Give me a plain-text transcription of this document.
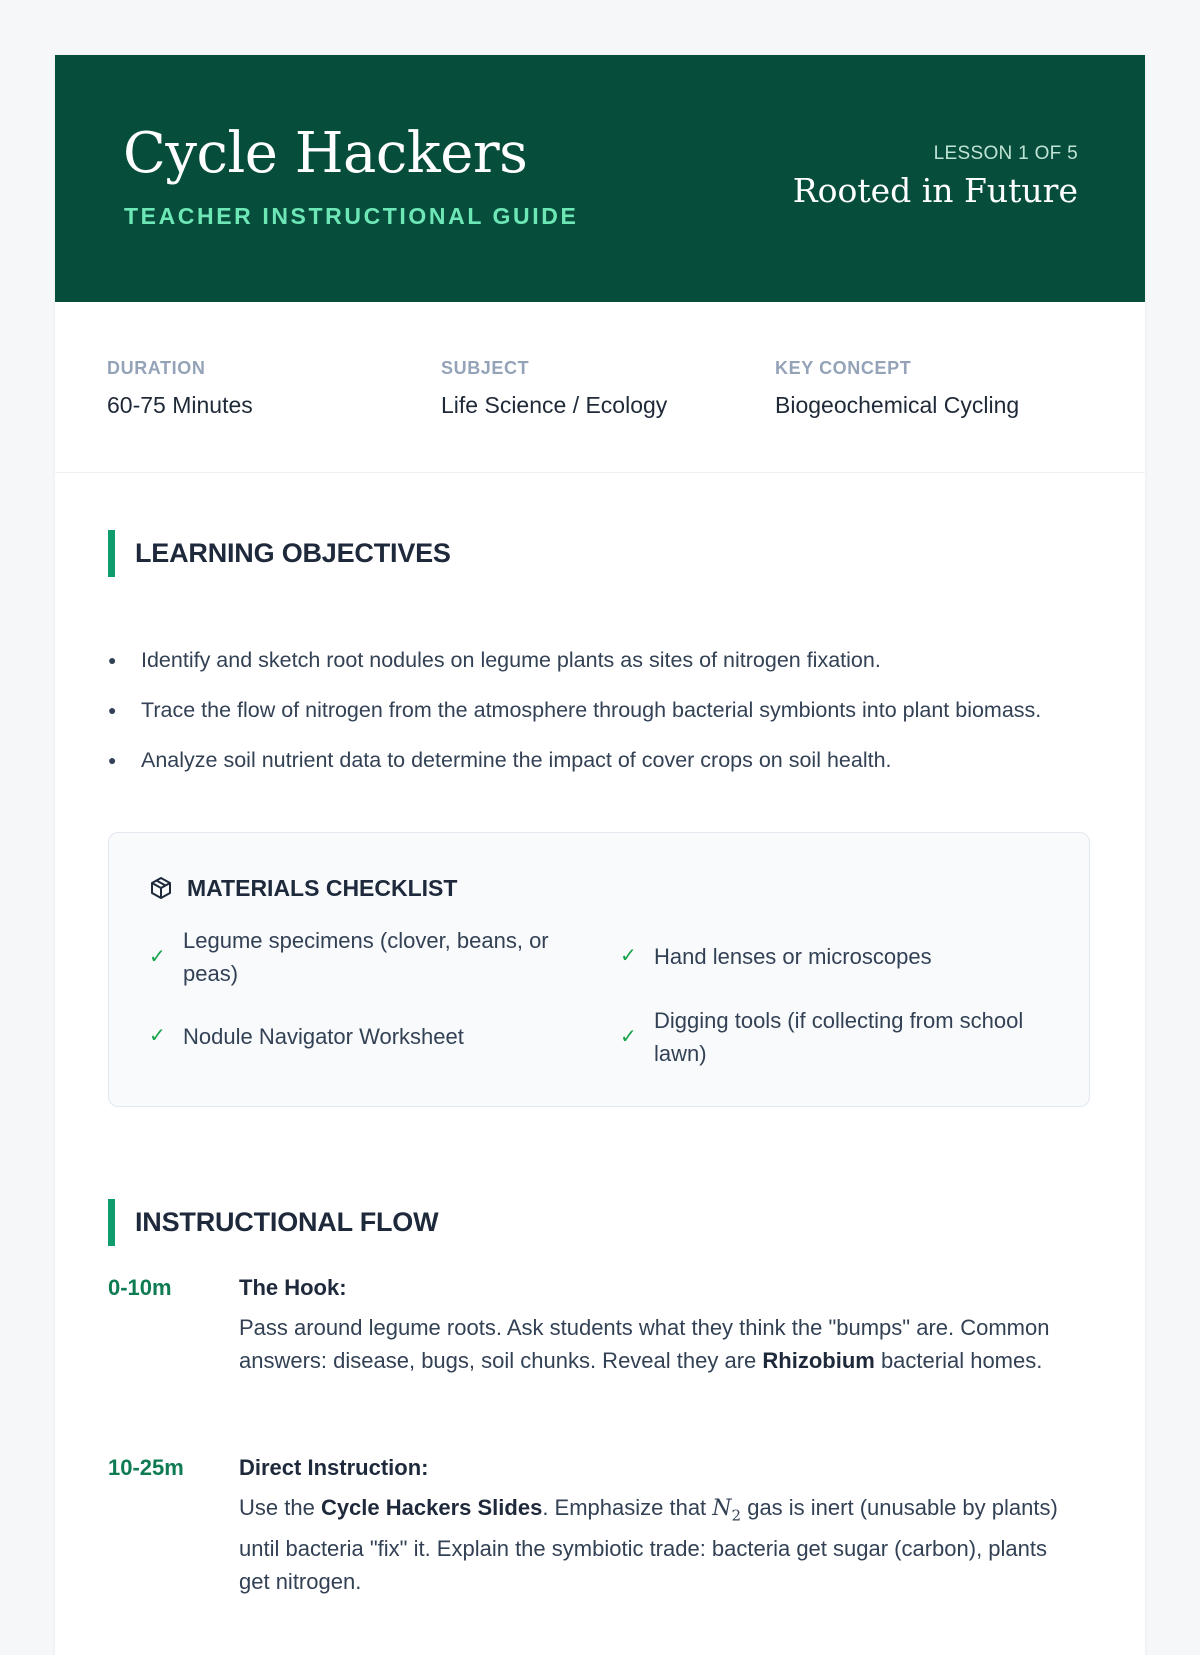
Cycle Hackers
TEACHER INSTRUCTIONAL GUIDE
LESSON 1 OF 5
Rooted in Future
DURATION
60-75 Minutes
SUBJECT
Life Science / Ecology
KEY CONCEPT
Biogeochemical Cycling
LEARNING OBJECTIVES
● Identify and sketch root nodules on legume plants as sites of nitrogen fixation.
● Trace the flow of nitrogen from the atmosphere through bacterial symbionts into plant biomass.
● Analyze soil nutrient data to determine the impact of cover crops on soil health.
MATERIALS CHECKLIST
✓
Legume specimens (clover, beans, or peas)
✓ Hand lenses or microscopes
✓ Nodule Navigator Worksheet	✓
Digging tools (if collecting from school lawn)
INSTRUCTIONAL FLOW
0-10m	The Hook:
Pass around legume roots. Ask students what they think the "bumps" are. Common answers: disease, bugs, soil chunks. Reveal they are Rhizobium bacterial homes.
10-25m	Direct Instruction:
Use the Cycle Hackers Slides. Emphasize that $N_2$ gas is inert (unusable by plants) until bacteria "fix" it. Explain the symbiotic trade: bacteria get sugar (carbon), plants get nitrogen.
